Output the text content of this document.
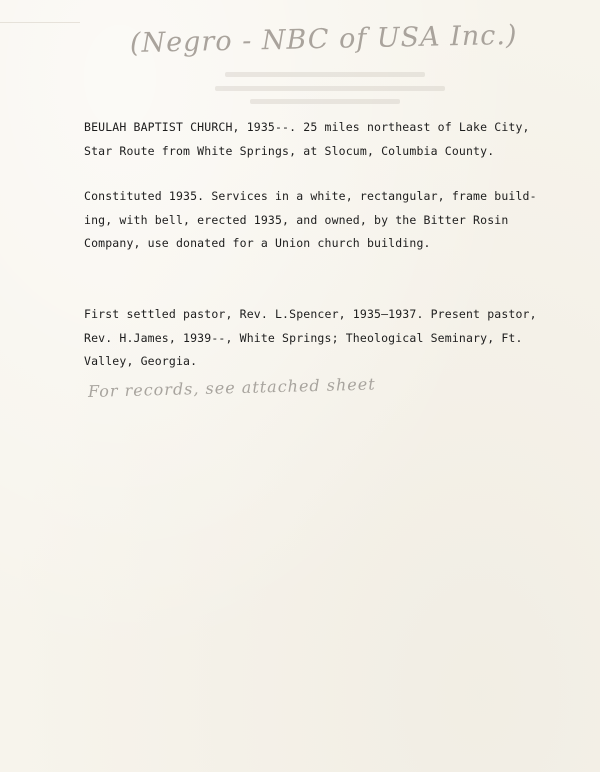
(Negro - NBC of USA Inc.)
BEULAH BAPTIST CHURCH, 1935--. 25 miles northeast of Lake City,
Star Route from White Springs, at Slocum, Columbia County.
Constituted 1935. Services in a white, rectangular, frame build-
ing, with bell, erected 1935, and owned, by the Bitter Rosin
Company, use donated for a Union church building.
First settled pastor, Rev. L.Spencer, 1935—1937. Present pastor,
Rev. H.James, 1939--, White Springs; Theological Seminary, Ft.
Valley, Georgia.
For records, see attached sheet
